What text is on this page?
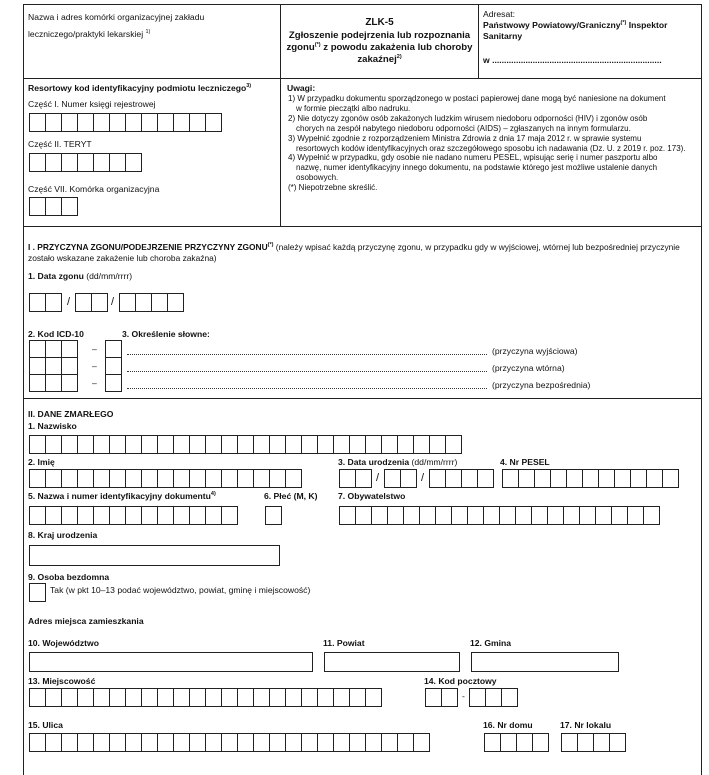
Nazwa i adres komórki organizacyjnej zakładu leczniczego/praktyki lekarskiej $^{1)}$
ZLK-5
Zgłoszenie podejrzenia lub rozpoznania
zgonu(*) z powodu zakażenia lub choroby
zakaźnej$^{2)}$
Adresat:
Państwowy Powiatowy/Graniczny(*) Inspektor
Sanitarny
w .......................................................................
Resortowy kod identyfikacyjny podmiotu leczniczego$^{3)}$
Część I. Numer księgi rejestrowej
Część II. TERYT
Część VII. Komórka organizacyjna
Uwagi:
1) W przypadku dokumentu sporządzonego w postaci papierowej dane mogą być naniesione na dokument
w formie pieczątki albo nadruku.
2) Nie dotyczy zgonów osób zakażonych ludzkim wirusem niedoboru odporności (HIV) i zgonów osób
chorych na zespół nabytego niedoboru odporności (AIDS) – zgłaszanych na innym formularzu.
3) Wypełnić zgodnie z rozporządzeniem Ministra Zdrowia z dnia 17 maja 2012 r. w sprawie systemu
resortowych kodów identyfikacyjnych oraz szczegółowego sposobu ich nadawania (Dz. U. z 2019 r. poz. 173).
4) Wypełnić w przypadku, gdy osobie nie nadano numeru PESEL, wpisując serię i numer paszportu albo
nazwę, numer identyfikacyjny innego dokumentu, na podstawie którego jest możliwe ustalenie danych
osobowych.
(*) Niepotrzebne skreślić.
I . PRZYCZYNA ZGONU/PODEJRZENIE PRZYCZYNY ZGONU(*) (należy wpisać każdą przyczynę zgonu, w przypadku gdy w wyjściowej, wtórnej lub bezpośredniej przyczynie
zostało wskazane zakażenie lub choroba zakaźna)
1. Data zgonu (dd/mm/rrrr)
/	/
2. Kod ICD-10	3. Określenie słowne:
–
–
–
(przyczyna wyjściowa)
(przyczyna wtórna)
(przyczyna bezpośrednia)
II. DANE ZMARŁEGO
1. Nazwisko
2. Imię	3. Data urodzenia (dd/mm/rrrr)
/	/
4. Nr PESEL
5. Nazwa i numer identyfikacyjny dokumentu$^{4)}$	6. Płeć (M, K) 7. Obywatelstwo
8. Kraj urodzenia
9. Osoba bezdomna
Tak (w pkt 10–13 podać województwo, powiat, gminę i miejscowość)
Adres miejsca zamieszkania
10. Województwo	11. Powiat	12. Gmina
13. Miejscowość	14. Kod pocztowy
-
15. Ulica	16. Nr domu	17. Nr lokalu
